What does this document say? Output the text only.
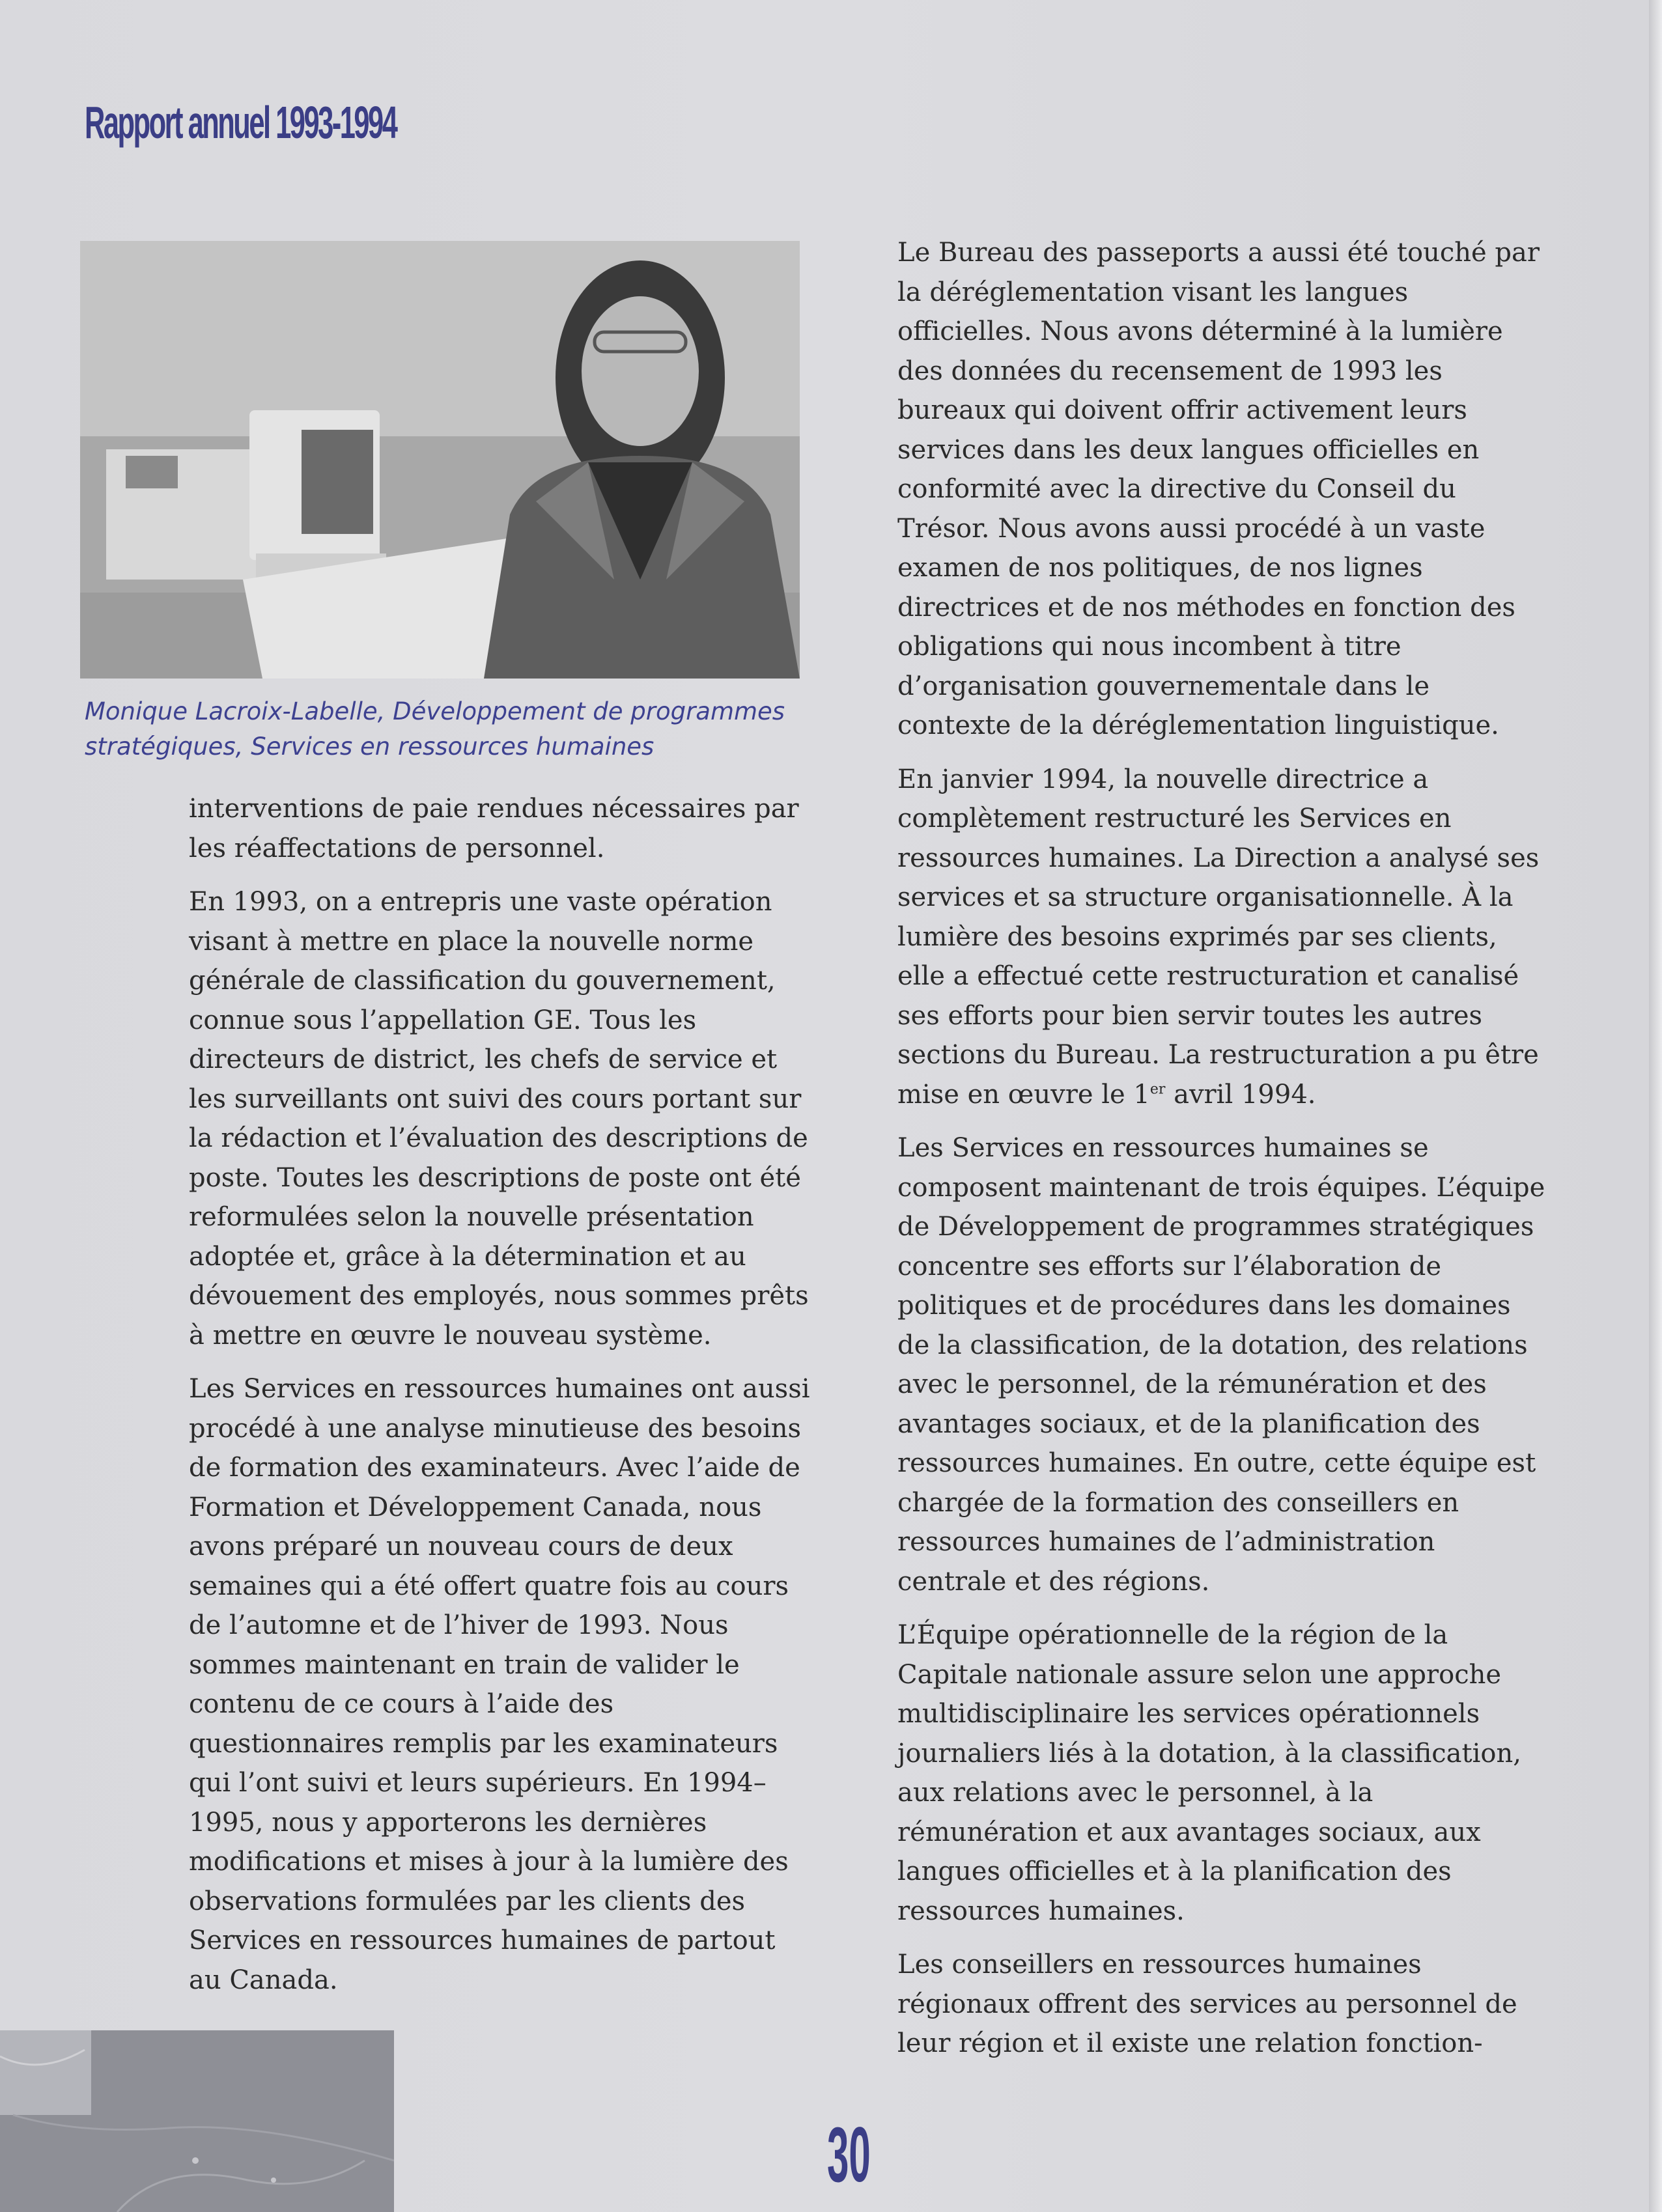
Rapport annuel 1993-1994
Monique Lacroix-Labelle, Développement de programmes
stratégiques, Services en ressources humaines

interventions de paie rendues nécessaires par les réaffectations de personnel.

En 1993, on a entrepris une vaste opération visant à mettre en place la nouvelle norme générale de classification du gouvernement, connue sous l’appellation GE. Tous les directeurs de district, les chefs de service et les surveillants ont suivi des cours portant sur la rédaction et l’évaluation des descriptions de poste. Toutes les descriptions de poste ont été reformulées selon la nouvelle présentation adoptée et, grâce à la détermination et au dévouement des employés, nous sommes prêts à mettre en œuvre le nouveau système.

Les Services en ressources humaines ont aussi procédé à une analyse minutieuse des besoins de formation des examinateurs. Avec l’aide de Formation et Développement Canada, nous avons préparé un nouveau cours de deux semaines qui a été offert quatre fois au cours de l’automne et de l’hiver de 1993. Nous sommes maintenant en train de valider le contenu de ce cours à l’aide des questionnaires remplis par les examinateurs qui l’ont suivi et leurs supérieurs. En 1994–1995, nous y apporterons les dernières modifications et mises à jour à la lumière des observations formulées par les clients des Services en ressources humaines de partout au Canada.

Le Bureau des passeports a aussi été touché par la déréglementation visant les langues officielles. Nous avons déterminé à la lumière des données du recensement de 1993 les bureaux qui doivent offrir activement leurs services dans les deux langues officielles en conformité avec la directive du Conseil du Trésor. Nous avons aussi procédé à un vaste examen de nos politiques, de nos lignes directrices et de nos méthodes en fonction des obligations qui nous incombent à titre d’organisation gouvernementale dans le contexte de la déréglementation linguistique.

En janvier 1994, la nouvelle directrice a complètement restructuré les Services en ressources humaines. La Direction a analysé ses services et sa structure organisationnelle. À la lumière des besoins exprimés par ses clients, elle a effectué cette restructuration et canalisé ses efforts pour bien servir toutes les autres sections du Bureau. La restructuration a pu être mise en œuvre le 1er avril 1994.

Les Services en ressources humaines se composent maintenant de trois équipes. L’équipe de Développement de programmes stratégiques concentre ses efforts sur l’élaboration de politiques et de procédures dans les domaines de la classification, de la dotation, des relations avec le personnel, de la rémunération et des avantages sociaux, et de la planification des ressources humaines. En outre, cette équipe est chargée de la formation des conseillers en ressources humaines de l’administration centrale et des régions.

L’Équipe opérationnelle de la région de la Capitale nationale assure selon une approche multidisciplinaire les services opérationnels journaliers liés à la dotation, à la classification, aux relations avec le personnel, à la rémunération et aux avantages sociaux, aux langues officielles et à la planification des ressources humaines.

Les conseillers en ressources humaines régionaux offrent des services au personnel de leur région et il existe une relation fonction-

30
